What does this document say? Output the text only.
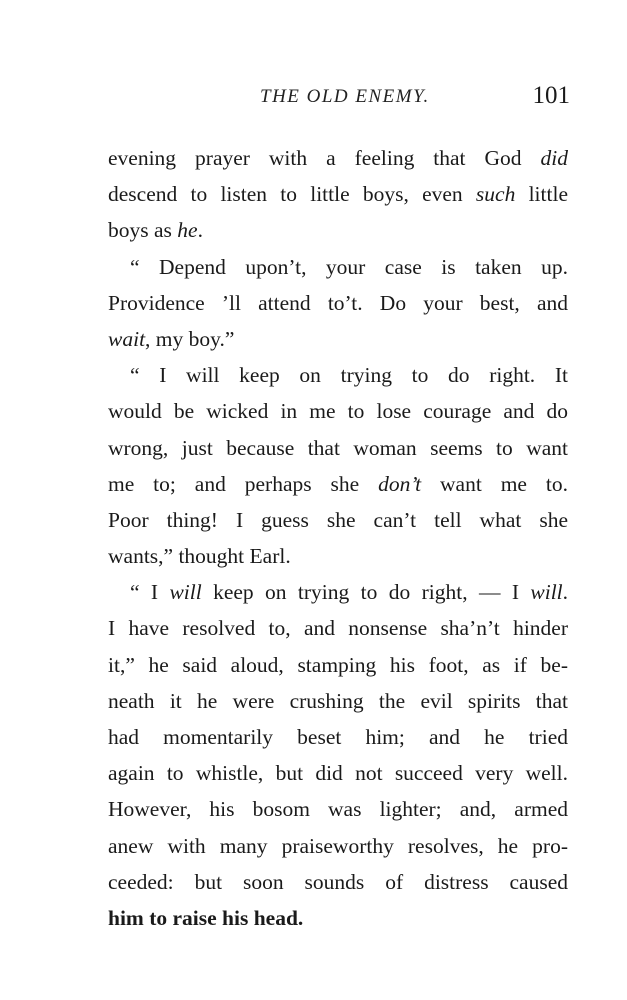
THE OLD ENEMY.	101
evening prayer with a feeling that God did
descend to listen to little boys, even such little
boys as he.
“ Depend upon’t, your case is taken up.
Providence ’ll attend to’t. Do your best, and
wait, my boy.”
“ I will keep on trying to do right. It
would be wicked in me to lose courage and do
wrong, just because that woman seems to want
me to; and perhaps she don’t want me to.
Poor thing! I guess she can’t tell what she
wants,” thought Earl.
“ I will keep on trying to do right, — I will.
I have resolved to, and nonsense sha’n’t hinder
it,” he said aloud, stamping his foot, as if be-
neath it he were crushing the evil spirits that
had momentarily beset him; and he tried
again to whistle, but did not succeed very well.
However, his bosom was lighter; and, armed
anew with many praiseworthy resolves, he pro-
ceeded: but soon sounds of distress caused
him to raise his head.
